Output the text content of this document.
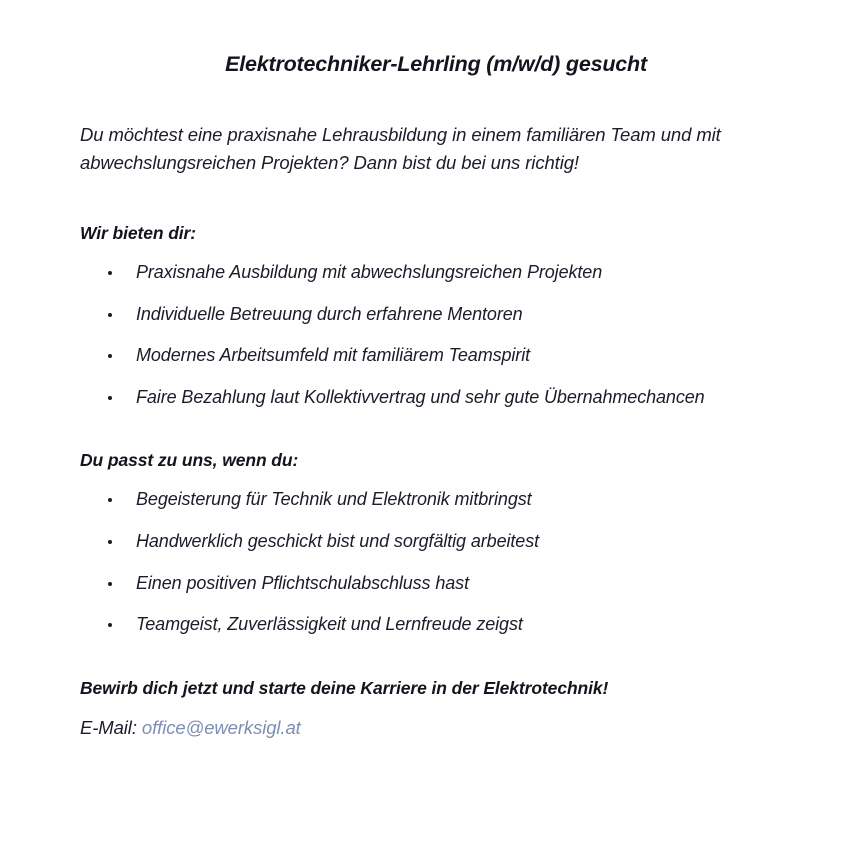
Elektrotechniker-Lehrling (m/w/d) gesucht

Du möchtest eine praxisnahe Lehrausbildung in einem familiären Team und mit abwechslungsreichen Projekten? Dann bist du bei uns richtig!

Wir bieten dir:
Praxisnahe Ausbildung mit abwechslungsreichen Projekten
Individuelle Betreuung durch erfahrene Mentoren
Modernes Arbeitsumfeld mit familiärem Teamspirit
Faire Bezahlung laut Kollektivvertrag und sehr gute Übernahmechancen
Du passt zu uns, wenn du:
Begeisterung für Technik und Elektronik mitbringst
Handwerklich geschickt bist und sorgfältig arbeitest
Einen positiven Pflichtschulabschluss hast
Teamgeist, Zuverlässigkeit und Lernfreude zeigst

Bewirb dich jetzt und starte deine Karriere in der Elektrotechnik!

E-Mail: office@ewerksigl.at
